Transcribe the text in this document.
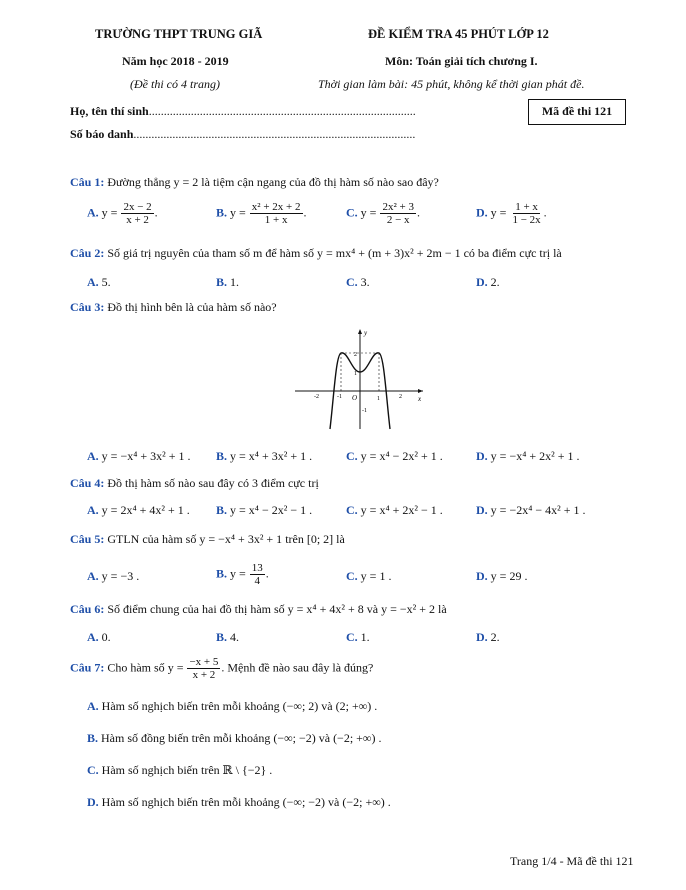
TRƯỜNG THPT TRUNG GIÃ
Năm học 2018 - 2019
(Đề thi có 4 trang)
ĐỀ KIỂM TRA 45 PHÚT LỚP 12
Môn: Toán giải tích chương I.
Thời gian làm bài: 45 phút, không kể thời gian phát đề.
Họ, tên thí sinh.........................................................................................
Số báo danh..............................................................................................
Mã đề thi 121
Câu 1: Đường thẳng y = 2 là tiệm cận ngang của đồ thị hàm số nào sao đây?
A. $y = \frac{2x - 2}{x + 2}$ .	B. $y = \frac{\text{x² + 2x + 2}}{1 + x}$ .	C. $y = \frac{\text{2x² + 3}}{2 - x}$ .	D. $y = \frac{1 + x}{1 - 2x}$ .
Câu 2: Số giá trị nguyên của tham số m để hàm số y = mx⁴ + (m + 3)x² + 2m − 1 có ba điểm cực trị là
A. 5.	B. 1.	C. 3.	D. 2.
Câu 3: Đồ thị hình bên là của hàm số nào?
y
x
O
-2	-1	1	2
2
1
-1
A. y = −x⁴ + 3x² + 1 . B. y = x⁴ + 3x² + 1 .	C. y = x⁴ − 2x² + 1 .	D. y = −x⁴ + 2x² + 1 .
Câu 4: Đồ thị hàm số nào sau đây có 3 điểm cực trị
A. y = 2x⁴ + 4x² + 1 . B. y = x⁴ − 2x² − 1 .	C. y = x⁴ + 2x² − 1 .	D. y = −2x⁴ − 4x² + 1 .
Câu 5: GTLN của hàm số y = −x⁴ + 3x² + 1 trên [0; 2] là
A. y = −3 .	B. $y = \frac{13}{4}$ .	C. y = 1 .	D. y = 29 .
Câu 6: Số điểm chung của hai đồ thị hàm số y = x⁴ + 4x² + 8 và y = −x² + 2 là
A. 0.	B. 4.	C. 1.	D. 2.
Câu 7: Cho hàm số $y = \frac{-x + 5}{x + 2}$ . Mệnh đề nào sau đây là đúng?
A. Hàm số nghịch biến trên mỗi khoảng (−∞; 2) và (2; +∞) .
B. Hàm số đồng biến trên mỗi khoảng (−∞; −2) và (−2; +∞) .
C. Hàm số nghịch biến trên ℝ \ {−2} .
D. Hàm số nghịch biến trên mỗi khoảng (−∞; −2) và (−2; +∞) .
Trang 1/4 - Mã đề thi 121
